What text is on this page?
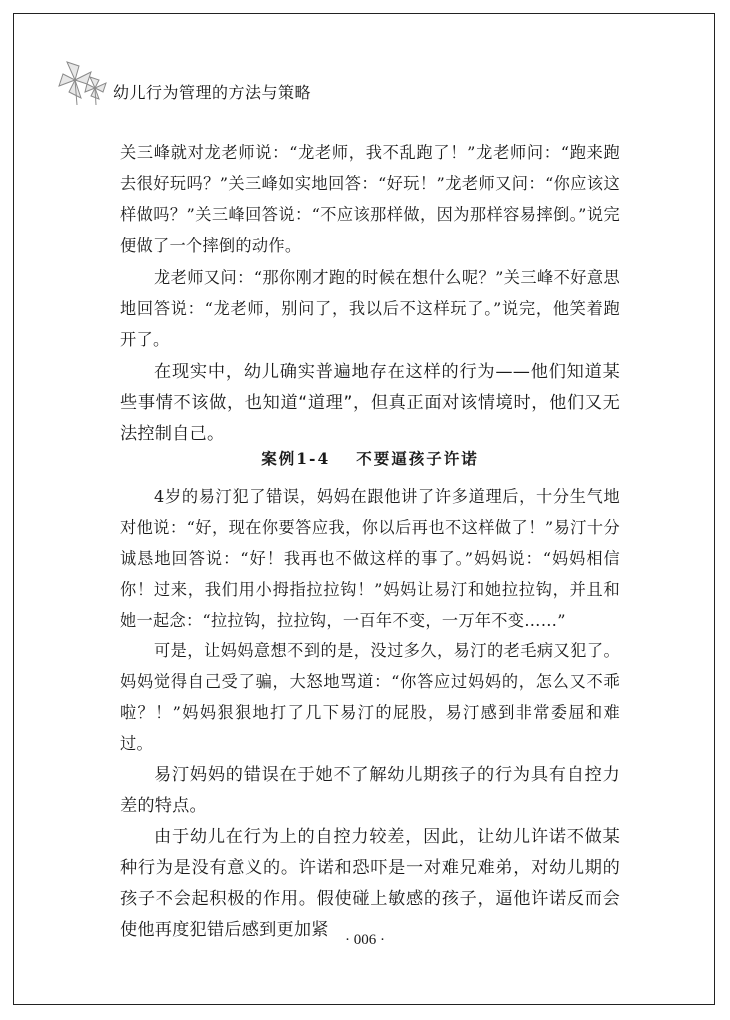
幼儿行为管理的方法与策略

关三峰就对龙老师说：“龙老师，我不乱跑了！”龙老师问：“跑来跑去很好玩吗？”关三峰如实地回答：“好玩！”龙老师又问：“你应该这样做吗？”关三峰回答说：“不应该那样做，因为那样容易摔倒。”说完便做了一个摔倒的动作。

龙老师又问：“那你刚才跑的时候在想什么呢？”关三峰不好意思地回答说：“龙老师，别问了，我以后不这样玩了。”说完，他笑着跑开了。

在现实中，幼儿确实普遍地存在这样的行为——他们知道某些事情不该做，也知道“道理”，但真正面对该情境时，他们又无法控制自己。

案例1-4 不要逼孩子许诺

4岁的易汀犯了错误，妈妈在跟他讲了许多道理后，十分生气地对他说：“好，现在你要答应我，你以后再也不这样做了！”易汀十分诚恳地回答说：“好！我再也不做这样的事了。”妈妈说：“妈妈相信你！过来，我们用小拇指拉拉钩！”妈妈让易汀和她拉拉钩，并且和她一起念：“拉拉钩，拉拉钩，一百年不变，一万年不变……”

可是，让妈妈意想不到的是，没过多久，易汀的老毛病又犯了。妈妈觉得自己受了骗，大怒地骂道：“你答应过妈妈的，怎么又不乖啦？！”妈妈狠狠地打了几下易汀的屁股，易汀感到非常委屈和难过。

易汀妈妈的错误在于她不了解幼儿期孩子的行为具有自控力差的特点。

由于幼儿在行为上的自控力较差，因此，让幼儿许诺不做某种行为是没有意义的。许诺和恐吓是一对难兄难弟，对幼儿期的孩子不会起积极的作用。假使碰上敏感的孩子，逼他许诺反而会使他再度犯错后感到更加紧	· 006 ·
